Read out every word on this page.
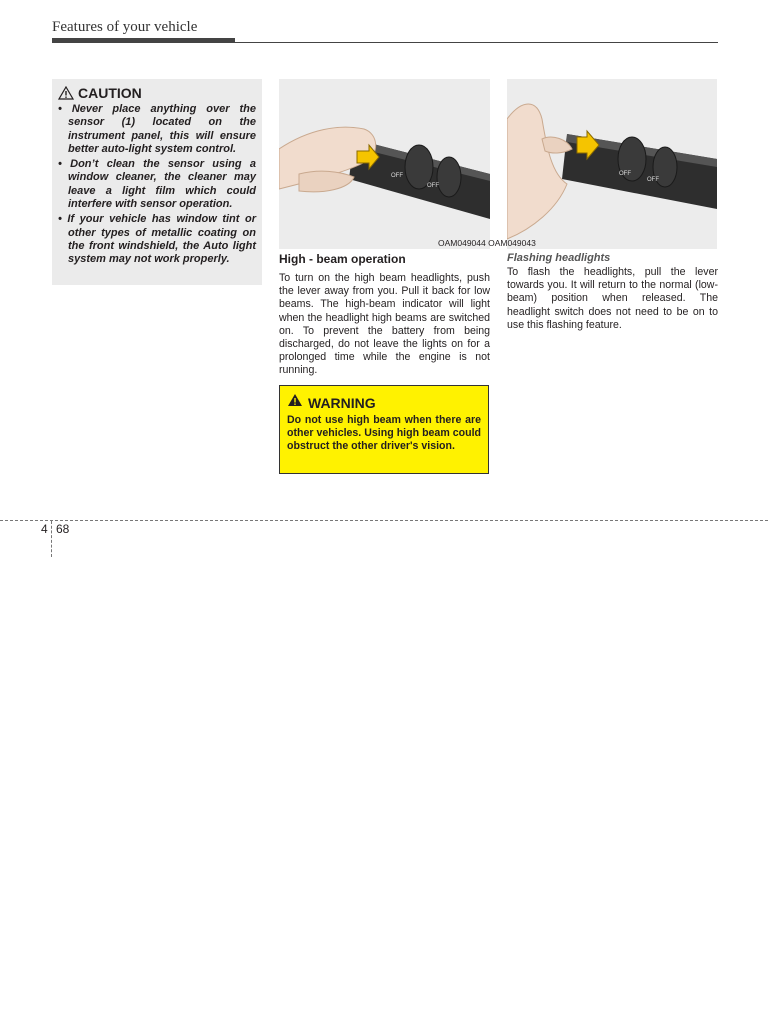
Features of your vehicle
CAUTION

• Never place anything over the sensor (1) located on the instrument panel, this will ensure better auto-light system control.

• Don’t clean the sensor using a window cleaner, the cleaner may leave a light film which could interfere with sensor operation.

• If your vehicle has window tint or other types of metallic coating on the front windshield, the Auto light system may not work properly.

OFF
OFF
OFF
OFF
OAM049044 OAM049043

High - beam operation

To turn on the high beam headlights, push the lever away from you. Pull it back for low beams. The high-beam indicator will light when the headlight high beams are switched on. To prevent the battery from being discharged, do not leave the lights on for a prolonged time while the engine is not running.

WARNING

Do not use high beam when there are other vehicles. Using high beam could obstruct the other driver's vision.

Flashing headlights

To flash the headlights, pull the lever towards you. It will return to the normal (low-beam) position when released. The headlight switch does not need to be on to use this flashing feature.

4 68
